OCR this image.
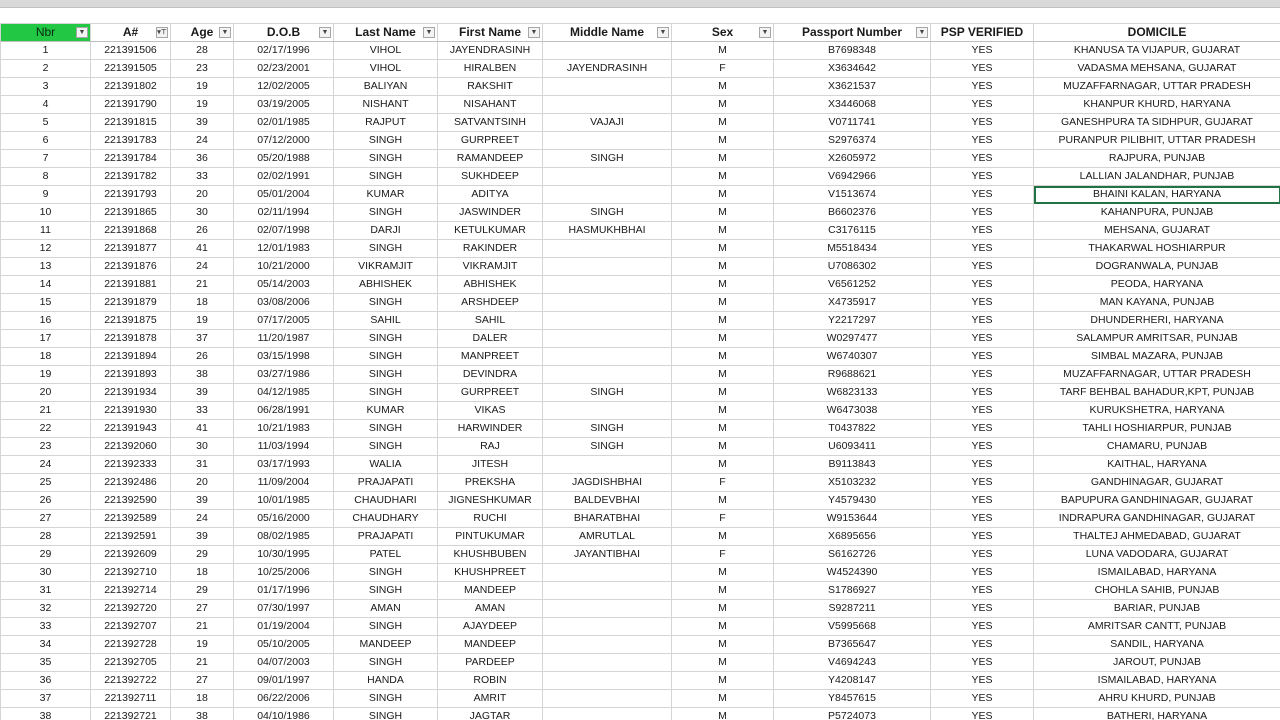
Nbr ▼	A# ▾⊤	Age ▼	D.O.B ▼	Last Name ▼	First Name ▼	Middle Name ▼	Sex ▼	Passport Number ▼	PSP VERIFIED	DOMICILE
1	221391506	28	02/17/1996	VIHOL	JAYENDRASINH		M	B7698348	YES	KHANUSA TA VIJAPUR, GUJARAT
2	221391505	23	02/23/2001	VIHOL	HIRALBEN	JAYENDRASINH	F	X3634642	YES	VADASMA MEHSANA, GUJARAT
3	221391802	19	12/02/2005	BALIYAN	RAKSHIT		M	X3621537	YES	MUZAFFARNAGAR, UTTAR PRADESH
4	221391790	19	03/19/2005	NISHANT	NISAHANT		M	X3446068	YES	KHANPUR KHURD, HARYANA
5	221391815	39	02/01/1985	RAJPUT	SATVANTSINH	VAJAJI	M	V0711741	YES	GANESHPURA TA SIDHPUR, GUJARAT
6	221391783	24	07/12/2000	SINGH	GURPREET		M	S2976374	YES	PURANPUR PILIBHIT, UTTAR PRADESH
7	221391784	36	05/20/1988	SINGH	RAMANDEEP	SINGH	M	X2605972	YES	RAJPURA, PUNJAB
8	221391782	33	02/02/1991	SINGH	SUKHDEEP		M	V6942966	YES	LALLIAN JALANDHAR, PUNJAB
9	221391793	20	05/01/2004	KUMAR	ADITYA		M	V1513674	YES	BHAINI KALAN, HARYANA
10	221391865	30	02/11/1994	SINGH	JASWINDER	SINGH	M	B6602376	YES	KAHANPURA, PUNJAB
11	221391868	26	02/07/1998	DARJI	KETULKUMAR	HASMUKHBHAI	M	C3176115	YES	MEHSANA, GUJARAT
12	221391877	41	12/01/1983	SINGH	RAKINDER		M	M5518434	YES	THAKARWAL HOSHIARPUR
13	221391876	24	10/21/2000	VIKRAMJIT	VIKRAMJIT		M	U7086302	YES	DOGRANWALA, PUNJAB
14	221391881	21	05/14/2003	ABHISHEK	ABHISHEK		M	V6561252	YES	PEODA, HARYANA
15	221391879	18	03/08/2006	SINGH	ARSHDEEP		M	X4735917	YES	MAN KAYANA, PUNJAB
16	221391875	19	07/17/2005	SAHIL	SAHIL		M	Y2217297	YES	DHUNDERHERI, HARYANA
17	221391878	37	11/20/1987	SINGH	DALER		M	W0297477	YES	SALAMPUR AMRITSAR, PUNJAB
18	221391894	26	03/15/1998	SINGH	MANPREET		M	W6740307	YES	SIMBAL MAZARA, PUNJAB
19	221391893	38	03/27/1986	SINGH	DEVINDRA		M	R9688621	YES	MUZAFFARNAGAR, UTTAR PRADESH
20	221391934	39	04/12/1985	SINGH	GURPREET	SINGH	M	W6823133	YES	TARF BEHBAL BAHADUR,KPT, PUNJAB
21	221391930	33	06/28/1991	KUMAR	VIKAS		M	W6473038	YES	KURUKSHETRA, HARYANA
22	221391943	41	10/21/1983	SINGH	HARWINDER	SINGH	M	T0437822	YES	TAHLI HOSHIARPUR, PUNJAB
23	221392060	30	11/03/1994	SINGH	RAJ	SINGH	M	U6093411	YES	CHAMARU, PUNJAB
24	221392333	31	03/17/1993	WALIA	JITESH		M	B9113843	YES	KAITHAL, HARYANA
25	221392486	20	11/09/2004	PRAJAPATI	PREKSHA	JAGDISHBHAI	F	X5103232	YES	GANDHINAGAR, GUJARAT
26	221392590	39	10/01/1985	CHAUDHARI	JIGNESHKUMAR	BALDEVBHAI	M	Y4579430	YES	BAPUPURA GANDHINAGAR, GUJARAT
27	221392589	24	05/16/2000	CHAUDHARY	RUCHI	BHARATBHAI	F	W9153644	YES	INDRAPURA GANDHINAGAR, GUJARAT
28	221392591	39	08/02/1985	PRAJAPATI	PINTUKUMAR	AMRUTLAL	M	X6895656	YES	THALTEJ AHMEDABAD, GUJARAT
29	221392609	29	10/30/1995	PATEL	KHUSHBUBEN	JAYANTIBHAI	F	S6162726	YES	LUNA VADODARA, GUJARAT
30	221392710	18	10/25/2006	SINGH	KHUSHPREET		M	W4524390	YES	ISMAILABAD, HARYANA
31	221392714	29	01/17/1996	SINGH	MANDEEP		M	S1786927	YES	CHOHLA SAHIB, PUNJAB
32	221392720	27	07/30/1997	AMAN	AMAN		M	S9287211	YES	BARIAR, PUNJAB
33	221392707	21	01/19/2004	SINGH	AJAYDEEP		M	V5995668	YES	AMRITSAR CANTT, PUNJAB
34	221392728	19	05/10/2005	MANDEEP	MANDEEP		M	B7365647	YES	SANDIL, HARYANA
35	221392705	21	04/07/2003	SINGH	PARDEEP		M	V4694243	YES	JAROUT, PUNJAB
36	221392722	27	09/01/1997	HANDA	ROBIN		M	Y4208147	YES	ISMAILABAD, HARYANA
37	221392711	18	06/22/2006	SINGH	AMRIT		M	Y8457615	YES	AHRU KHURD, PUNJAB
38	221392721	38	04/10/1986	SINGH	JAGTAR		M	P5724073	YES	BATHERI, HARYANA
